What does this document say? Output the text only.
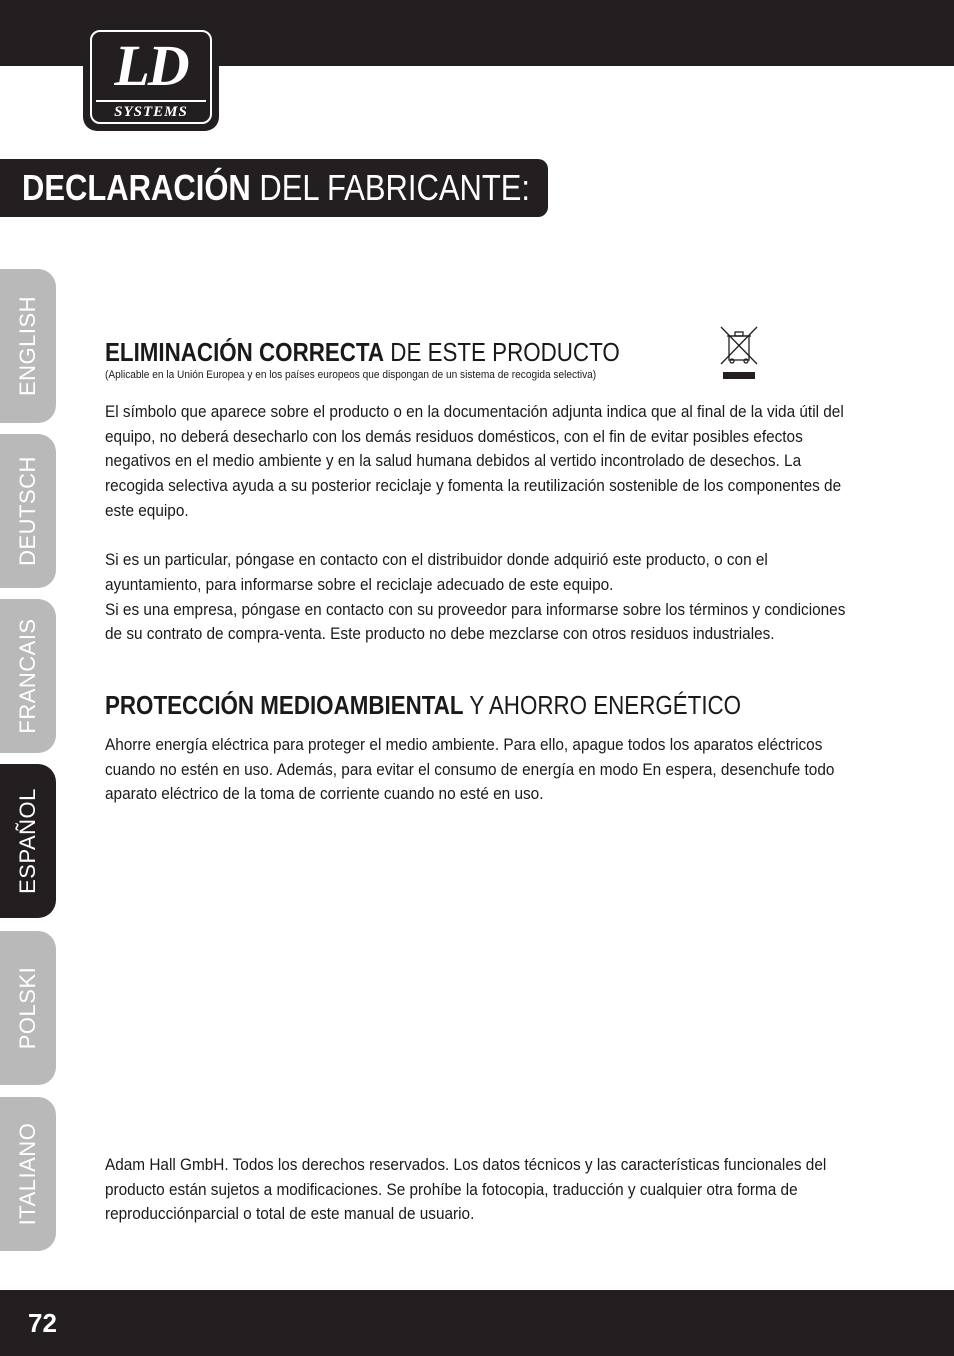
LD
SYSTEMS
DECLARACIÓN DEL FABRICANTE:
ENGLISH
DEUTSCH
FRANCAIS
ESPAÑOL
POLSKI
ITALIANO
ELIMINACIÓN CORRECTA DE ESTE PRODUCTO
(Aplicable en la Unión Europea y en los países europeos que dispongan de un sistema de recogida selectiva)

El símbolo que aparece sobre el producto o en la documentación adjunta indica que al final de la vida útil del equipo, no deberá desecharlo con los demás residuos domésticos, con el fin de evitar posibles efectos negativos en el medio ambiente y en la salud humana debidos al vertido incontrolado de desechos. La recogida selectiva ayuda a su posterior reciclaje y fomenta la reutilización sostenible de los componentes de este equipo.

Si es un particular, póngase en contacto con el distribuidor donde adquirió este producto, o con el ayuntamiento, para informarse sobre el reciclaje adecuado de este equipo.

Si es una empresa, póngase en contacto con su proveedor para informarse sobre los términos y condiciones de su contrato de compra-venta. Este producto no debe mezclarse con otros residuos industriales.

PROTECCIÓN MEDIOAMBIENTAL Y AHORRO ENERGÉTICO

Ahorre energía eléctrica para proteger el medio ambiente. Para ello, apague todos los aparatos eléctricos cuando no estén en uso. Además, para evitar el consumo de energía en modo En espera, desenchufe todo aparato eléctrico de la toma de corriente cuando no esté en uso.

Adam Hall GmbH. Todos los derechos reservados. Los datos técnicos y las características funcionales del producto están sujetos a modificaciones. Se prohíbe la fotocopia, traducción y cualquier otra forma de reproducciónparcial o total de este manual de usuario.

72
